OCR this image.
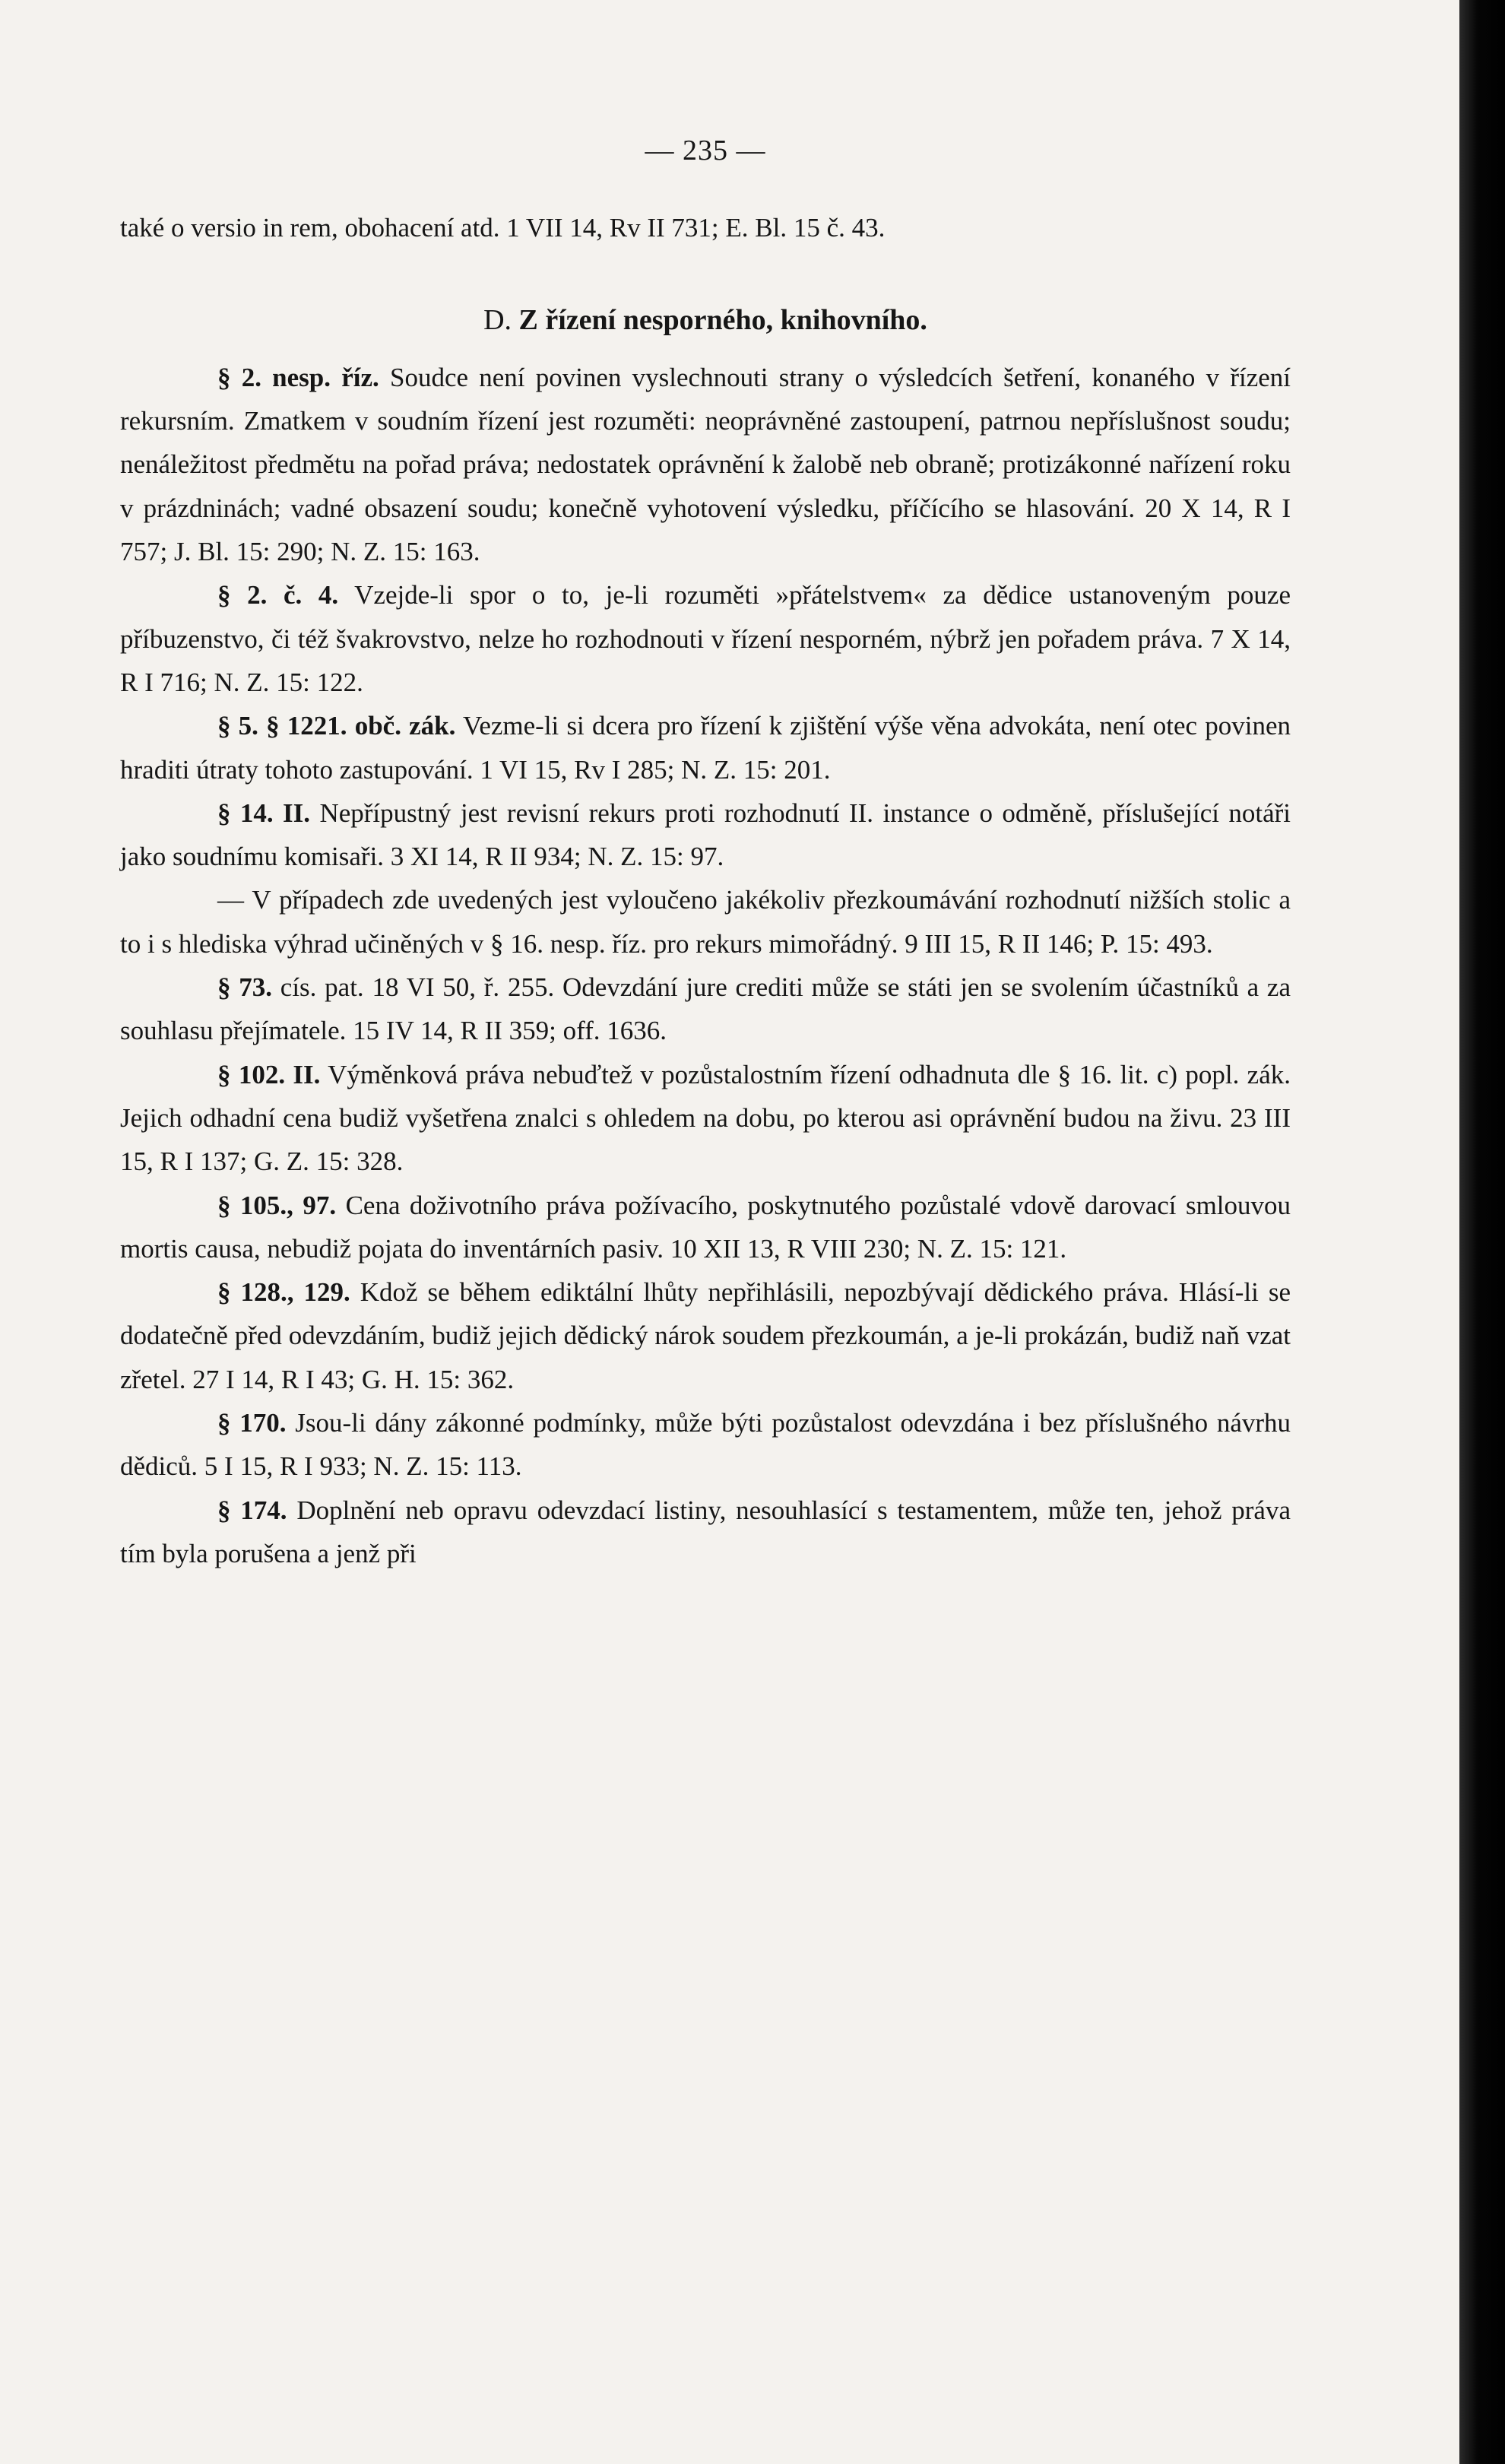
— 235 —

také o versio in rem, obohacení atd. 1 VII 14, Rv II 731; E. Bl. 15 č. 43.

D. Z řízení nesporného, knihovního.

§ 2. nesp. říz. Soudce není povinen vyslechnouti strany o výsledcích šetření, konaného v řízení rekursním. Zmatkem v soudním řízení jest rozuměti: neoprávněné zastoupení, patrnou nepříslušnost soudu; nenáležitost předmětu na pořad práva; nedostatek oprávnění k žalobě neb obraně; protizákonné nařízení roku v prázdninách; vadné obsazení soudu; konečně vyhotovení výsledku, příčícího se hlasování. 20 X 14, R I 757; J. Bl. 15: 290; N. Z. 15: 163.

§ 2. č. 4. Vzejde-li spor o to, je-li rozuměti »přátelstvem« za dědice ustanoveným pouze příbuzenstvo, či též švakrovstvo, nelze ho rozhodnouti v řízení nesporném, nýbrž jen pořadem práva. 7 X 14, R I 716; N. Z. 15: 122.

§ 5. § 1221. obč. zák. Vezme-li si dcera pro řízení k zjištění výše věna advokáta, není otec povinen hraditi útraty tohoto zastupování. 1 VI 15, Rv I 285; N. Z. 15: 201.

§ 14. II. Nepřípustný jest revisní rekurs proti rozhodnutí II. instance o odměně, příslušející notáři jako soudnímu komisaři. 3 XI 14, R II 934; N. Z. 15: 97.

— V případech zde uvedených jest vyloučeno jakékoliv přezkoumávání rozhodnutí nižších stolic a to i s hlediska výhrad učiněných v § 16. nesp. říz. pro rekurs mimořádný. 9 III 15, R II 146; P. 15: 493.

§ 73. cís. pat. 18 VI 50, ř. 255. Odevzdání jure crediti může se státi jen se svolením účastníků a za souhlasu přejímatele. 15 IV 14, R II 359; off. 1636.

§ 102. II. Výměnková práva nebuďtež v pozůstalostním řízení odhadnuta dle § 16. lit. c) popl. zák. Jejich odhadní cena budiž vyšetřena znalci s ohledem na dobu, po kterou asi oprávnění budou na živu. 23 III 15, R I 137; G. Z. 15: 328.

§ 105., 97. Cena doživotního práva požívacího, poskytnutého pozůstalé vdově darovací smlouvou mortis causa, nebudiž pojata do inventárních pasiv. 10 XII 13, R VIII 230; N. Z. 15: 121.

§ 128., 129. Kdož se během ediktální lhůty nepřihlásili, nepozbývají dědického práva. Hlásí-li se dodatečně před odevzdáním, budiž jejich dědický nárok soudem přezkoumán, a je-li prokázán, budiž naň vzat zřetel. 27 I 14, R I 43; G. H. 15: 362.

§ 170. Jsou-li dány zákonné podmínky, může býti pozůstalost odevzdána i bez příslušného návrhu dědiců. 5 I 15, R I 933; N. Z. 15: 113.

§ 174. Doplnění neb opravu odevzdací listiny, nesouhlasící s testamentem, může ten, jehož práva tím byla porušena a jenž při
